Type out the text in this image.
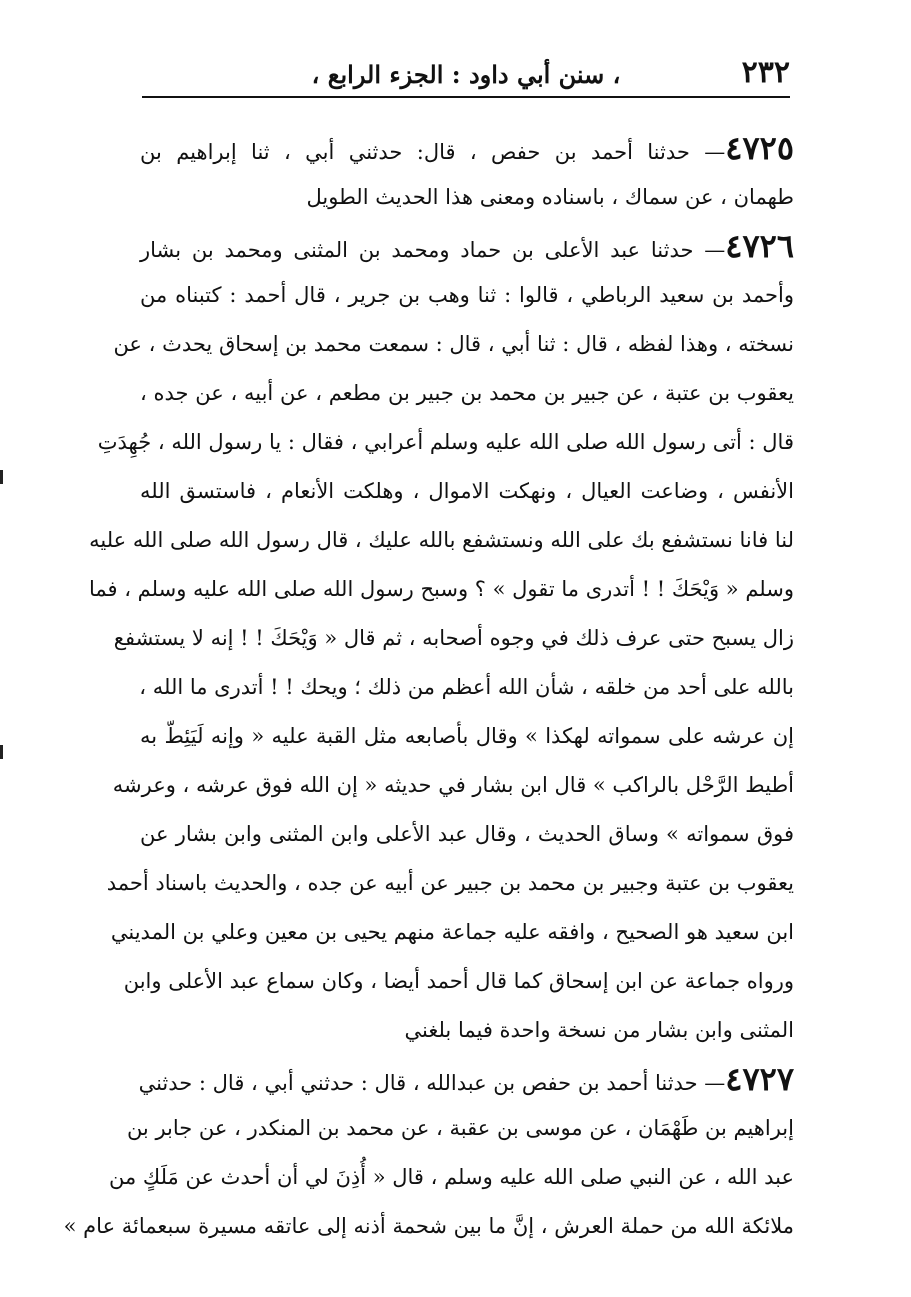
٢٣٢
، سنن أبي داود : الجزء الرابع ،
٤٧٢٥— حدثنا أحمد بن حفص ، قال: حدثني أبي ، ثنا إبراهيم بن
طهمان ، عن سماك ، باسناده ومعنى هذا الحديث الطويل
٤٧٢٦— حدثنا عبد الأعلى بن حماد ومحمد بن المثنى ومحمد بن بشار
وأحمد بن سعيد الرباطي ، قالوا : ثنا وهب بن جرير ، قال أحمد : كتبناه من
نسخته ، وهذا لفظه ، قال : ثنا أبي ، قال : سمعت محمد بن إسحاق يحدث ، عن
يعقوب بن عتبة ، عن جبير بن محمد بن جبير بن مطعم ، عن أبيه ، عن جده ،
قال : أتى رسول الله صلى الله عليه وسلم أعرابي ، فقال : يا رسول الله ، جُهِدَتِ
الأنفس ، وضاعت العيال ، ونهكت الاموال ، وهلكت الأنعام ، فاستسق الله
لنا فانا نستشفع بك على الله ونستشفع بالله عليك ، قال رسول الله صلى الله عليه
وسلم « وَيْحَكَ ! ! أتدرى ما تقول » ؟ وسبح رسول الله صلى الله عليه وسلم ، فما
زال يسبح حتى عرف ذلك في وجوه أصحابه ، ثم قال « وَيْحَكَ ! ! إنه لا يستشفع
بالله على أحد من خلقه ، شأن الله أعظم من ذلك ؛ ويحك ! ! أتدرى ما الله ،
إن عرشه على سمواته لهكذا » وقال بأصابعه مثل القبة عليه « وإنه لَيَئِطّ به
أطيط الرَّحْل بالراكب » قال ابن بشار في حديثه « إن الله فوق عرشه ، وعرشه
فوق سمواته » وساق الحديث ، وقال عبد الأعلى وابن المثنى وابن بشار عن
يعقوب بن عتبة وجبير بن محمد بن جبير عن أبيه عن جده ، والحديث باسناد أحمد
ابن سعيد هو الصحيح ، وافقه عليه جماعة منهم يحيى بن معين وعلي بن المديني
ورواه جماعة عن ابن إسحاق كما قال أحمد أيضا ، وكان سماع عبد الأعلى وابن
المثنى وابن بشار من نسخة واحدة فيما بلغني
٤٧٢٧— حدثنا أحمد بن حفص بن عبدالله ، قال : حدثني أبي ، قال : حدثني
إبراهيم بن طَهْمَان ، عن موسى بن عقبة ، عن محمد بن المنكدر ، عن جابر بن
عبد الله ، عن النبي صلى الله عليه وسلم ، قال « أُذِنَ لي أن أحدث عن مَلَكٍ من
ملائكة الله من حملة العرش ، إنَّ ما بين شحمة أذنه إلى عاتقه مسيرة سبعمائة عام »
